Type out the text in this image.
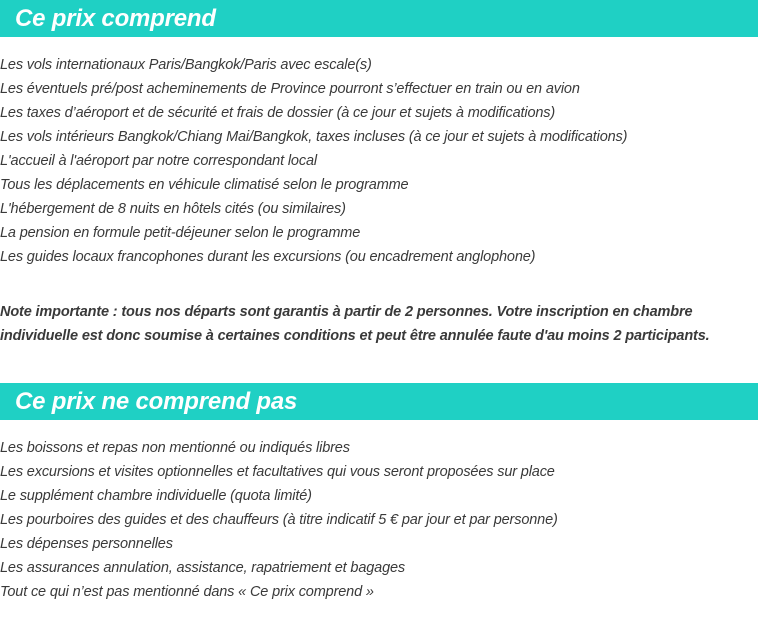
Ce prix comprend
Les vols internationaux Paris/Bangkok/Paris avec escale(s)
Les éventuels pré/post acheminements de Province pourront s’effectuer en train ou en avion
Les taxes d’aéroport et de sécurité et frais de dossier (à ce jour et sujets à modifications)
Les vols intérieurs Bangkok/Chiang Mai/Bangkok, taxes incluses (à ce jour et sujets à modifications)
L'accueil à l'aéroport par notre correspondant local
Tous les déplacements en véhicule climatisé selon le programme
L'hébergement de 8 nuits en hôtels cités (ou similaires)
La pension en formule petit-déjeuner selon le programme
Les guides locaux francophones durant les excursions (ou encadrement anglophone)

Note importante : tous nos départs sont garantis à partir de 2 personnes. Votre inscription en chambre individuelle est donc soumise à certaines conditions et peut être annulée faute d'au moins 2 participants.

Ce prix ne comprend pas
Les boissons et repas non mentionné ou indiqués libres
Les excursions et visites optionnelles et facultatives qui vous seront proposées sur place
Le supplément chambre individuelle (quota limité)
Les pourboires des guides et des chauffeurs (à titre indicatif 5 € par jour et par personne)
Les dépenses personnelles
Les assurances annulation, assistance, rapatriement et bagages
Tout ce qui n’est pas mentionné dans « Ce prix comprend »
